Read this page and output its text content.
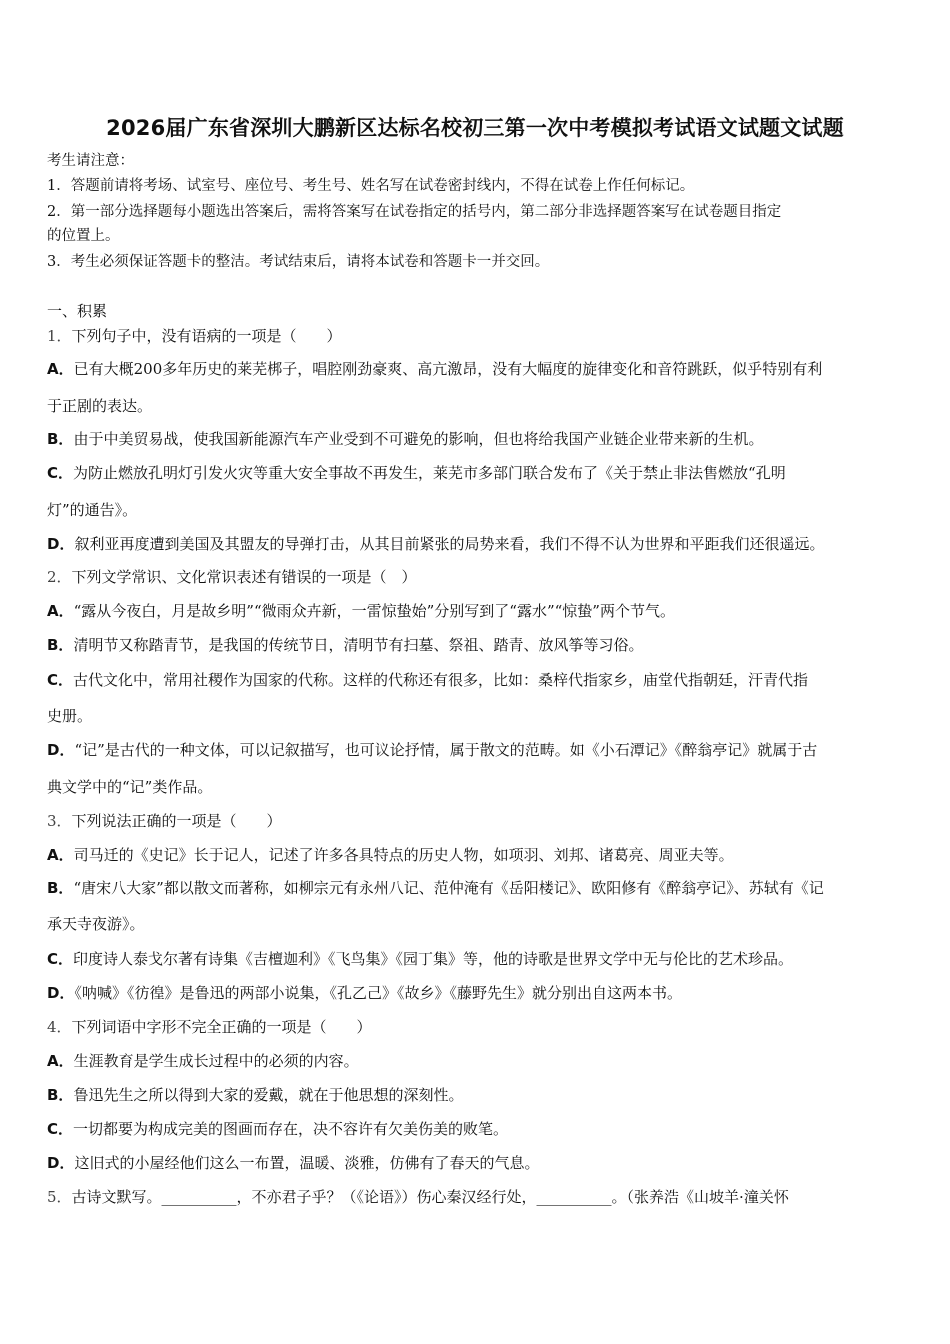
2026届广东省深圳大鹏新区达标名校初三第一次中考模拟考试语文试题文试题
考生请注意：
1．答题前请将考场、试室号、座位号、考生号、姓名写在试卷密封线内，不得在试卷上作任何标记。
2．第一部分选择题每小题选出答案后，需将答案写在试卷指定的括号内，第二部分非选择题答案写在试卷题目指定
的位置上。
3．考生必须保证答题卡的整洁。考试结束后，请将本试卷和答题卡一并交回。
一、积累
1．下列句子中，没有语病的一项是（　　）
A．已有大概200多年历史的莱芜梆子，唱腔刚劲豪爽、高亢激昂，没有大幅度的旋律变化和音符跳跃，似乎特别有利
于正剧的表达。
B．由于中美贸易战，使我国新能源汽车产业受到不可避免的影响，但也将给我国产业链企业带来新的生机。
C．为防止燃放孔明灯引发火灾等重大安全事故不再发生，莱芜市多部门联合发布了《关于禁止非法售燃放“孔明
灯”的通告》。
D．叙利亚再度遭到美国及其盟友的导弹打击，从其目前紧张的局势来看，我们不得不认为世界和平距我们还很遥远。
2．下列文学常识、文化常识表述有错误的一项是（　）
A．“露从今夜白，月是故乡明”“微雨众卉新，一雷惊蛰始”分别写到了“露水”“惊蛰”两个节气。
B．清明节又称踏青节，是我国的传统节日，清明节有扫墓、祭祖、踏青、放风筝等习俗。
C．古代文化中，常用社稷作为国家的代称。这样的代称还有很多，比如：桑梓代指家乡，庙堂代指朝廷，汗青代指
史册。
D．“记”是古代的一种文体，可以记叙描写，也可议论抒情，属于散文的范畴。如《小石潭记》《醉翁亭记》就属于古
典文学中的“记”类作品。
3．下列说法正确的一项是（　　）
A．司马迁的《史记》长于记人，记述了许多各具特点的历史人物，如项羽、刘邦、诸葛亮、周亚夫等。
B．“唐宋八大家”都以散文而著称，如柳宗元有永州八记、范仲淹有《岳阳楼记》、欧阳修有《醉翁亭记》、苏轼有《记
承天寺夜游》。
C．印度诗人泰戈尔著有诗集《吉檀迦利》《飞鸟集》《园丁集》等，他的诗歌是世界文学中无与伦比的艺术珍品。
D．《呐喊》《彷徨》是鲁迅的两部小说集，《孔乙己》《故乡》《藤野先生》就分别出自这两本书。
4．下列词语中字形不完全正确的一项是（　　）
A．生涯教育是学生成长过程中的必须的内容。
B．鲁迅先生之所以得到大家的爱戴，就在于他思想的深刻性。
C．一切都要为构成完美的图画而存在，决不容许有欠美伤美的败笔。
D．这旧式的小屋经他们这么一布置，温暖、淡雅，仿佛有了春天的气息。
5．古诗文默写。__________，不亦君子乎？（《论语》）伤心秦汉经行处，__________。（张养浩《山坡羊·潼关怀
